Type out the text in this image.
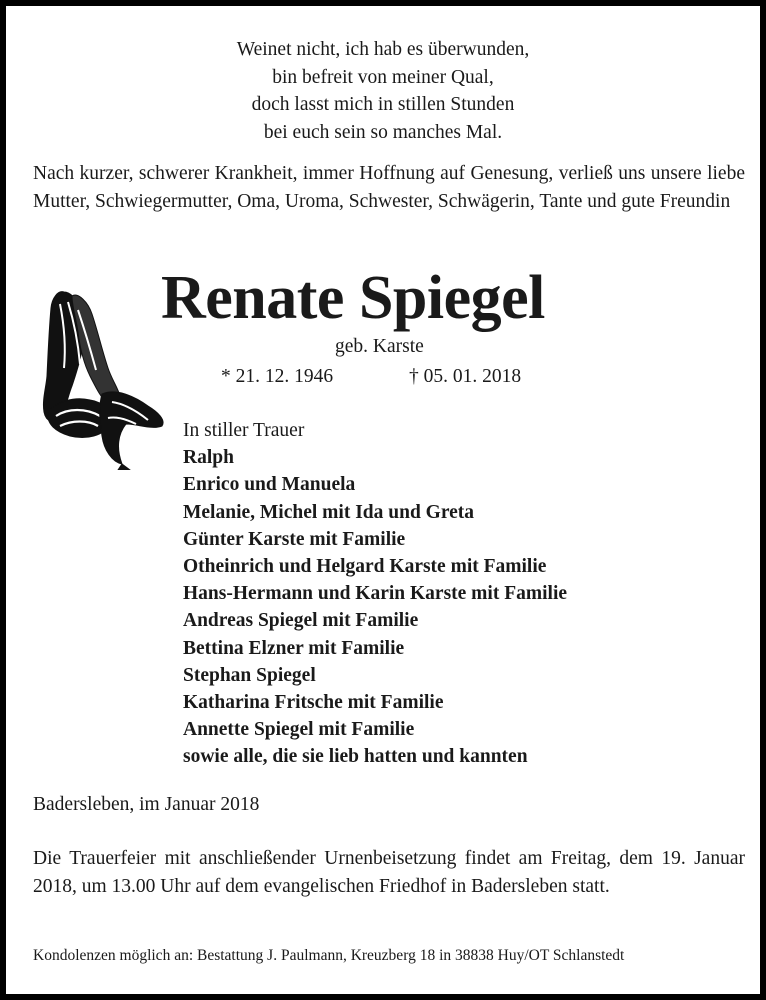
Weinet nicht, ich hab es überwunden,
bin befreit von meiner Qual,
doch lasst mich in stillen Stunden
bei euch sein so manches Mal.

Nach kurzer, schwerer Krankheit, immer Hoffnung auf Genesung, verließ uns unsere liebe Mutter, Schwiegermutter, Oma, Uroma, Schwester, Schwägerin, Tante und gute Freundin

Renate Spiegel
geb. Karste
* 21. 12. 1946	† 05. 01. 2018
In stiller Trauer
Ralph
Enrico und Manuela
Melanie, Michel mit Ida und Greta
Günter Karste mit Familie
Otheinrich und Helgard Karste mit Familie
Hans-Hermann und Karin Karste mit Familie
Andreas Spiegel mit Familie
Bettina Elzner mit Familie
Stephan Spiegel
Katharina Fritsche mit Familie
Annette Spiegel mit Familie
sowie alle, die sie lieb hatten und kannten
Badersleben, im Januar 2018

Die Trauerfeier mit anschließender Urnenbeisetzung findet am Freitag, dem 19. Januar 2018, um 13.00 Uhr auf dem evangelischen Friedhof in Badersleben statt.

Kondolenzen möglich an: Bestattung J. Paulmann, Kreuzberg 18 in 38838 Huy/OT Schlanstedt
